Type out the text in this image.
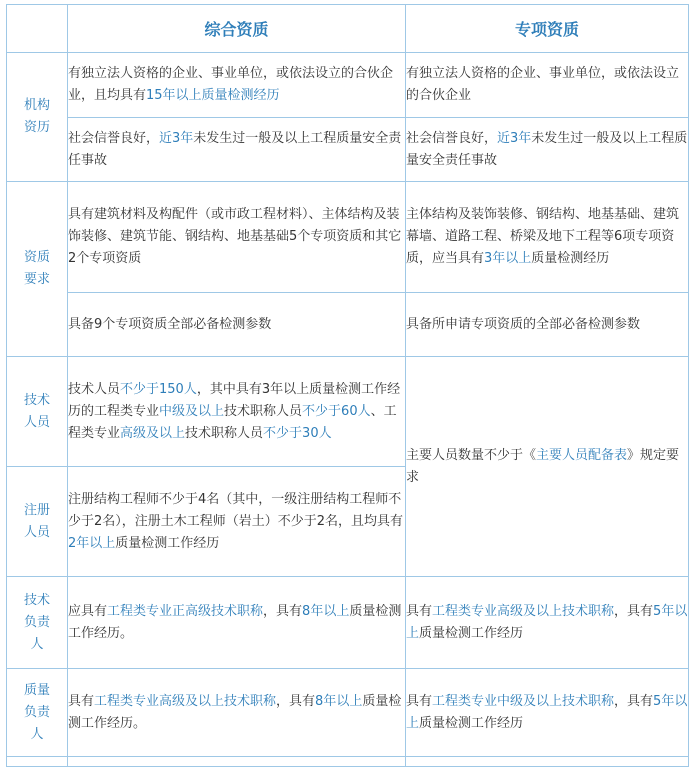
	综合资质	专项资质
机构
资历	有独立法人资格的企业、事业单位，或依法设立的合伙企业，且均具有15年以上质量检测经历	有独立法人资格的企业、事业单位，或依法设立的合伙企业
	社会信誉良好，近3年未发生过一般及以上工程质量安全责任事故	社会信誉良好，近3年未发生过一般及以上工程质量安全责任事故
资质
要求	具有建筑材料及构配件（或市政工程材料）、主体结构及装饰装修、建筑节能、钢结构、地基基础5个专项资质和其它2个专项资质	主体结构及装饰装修、钢结构、地基基础、建筑幕墙、道路工程、桥梁及地下工程等6项专项资质，应当具有3年以上质量检测经历
	具备9个专项资质全部必备检测参数	具备所申请专项资质的全部必备检测参数
技术
人员	技术人员不少于150人，其中具有3年以上质量检测工作经历的工程类专业中级及以上技术职称人员不少于60人、工程类专业高级及以上技术职称人员不少于30人	主要人员数量不少于《主要人员配备表》规定要求
注册
人员	注册结构工程师不少于4名（其中，一级注册结构工程师不少于2名），注册土木工程师（岩土）不少于2名，且均具有2年以上质量检测工作经历	
技术
负责
人	应具有工程类专业正高级技术职称，具有8年以上质量检测工作经历。	具有工程类专业高级及以上技术职称，具有5年以上质量检测工作经历
质量
负责
人	具有工程类专业高级及以上技术职称，具有8年以上质量检测工作经历。	具有工程类专业中级及以上技术职称，具有5年以上质量检测工作经历
